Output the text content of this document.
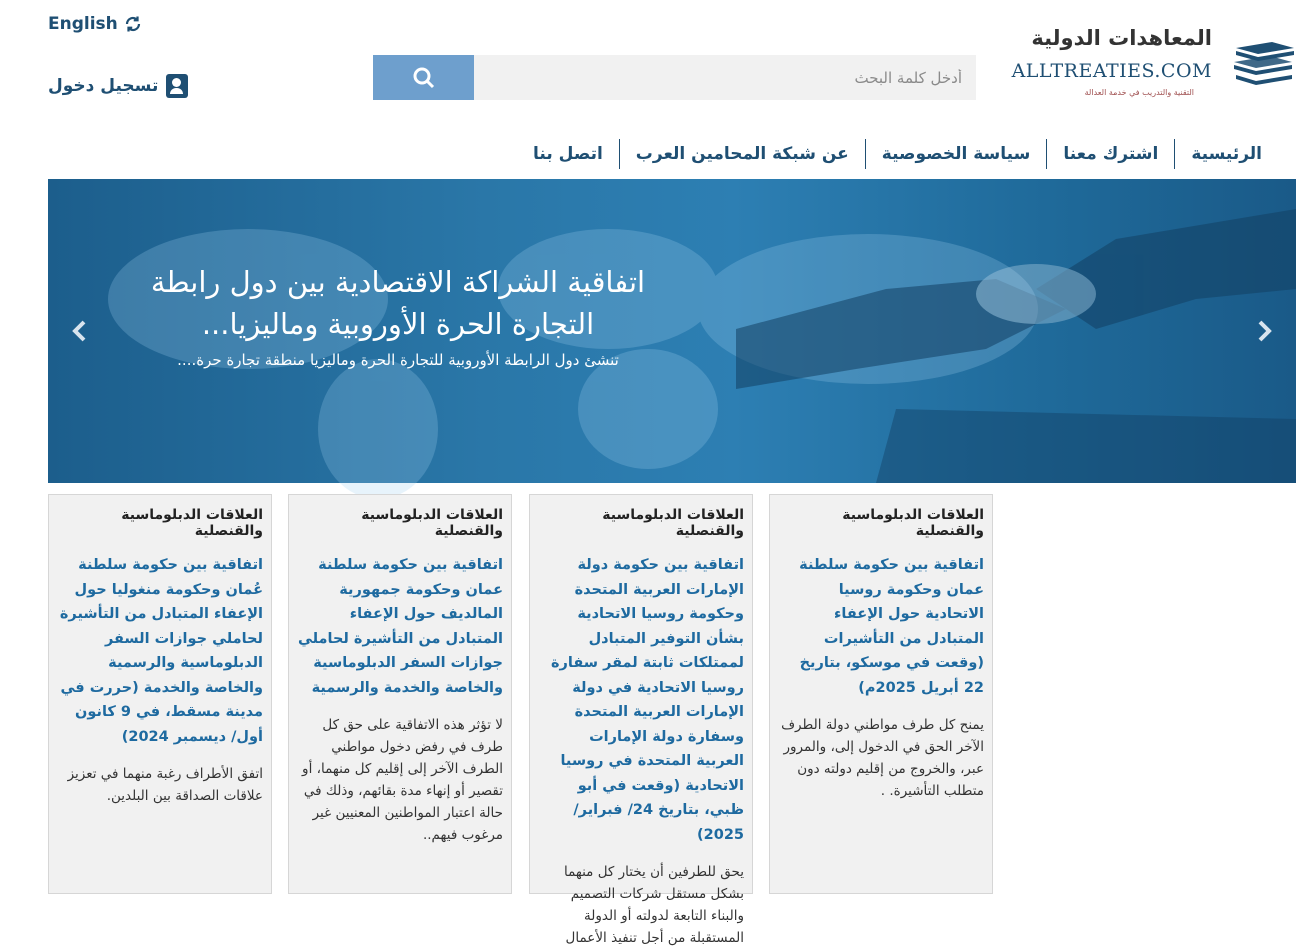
English
تسجيل دخول
أدخل كلمة البحث
المعاهدات الدولية
ALLTREATIES.COM
التقنية والتدريب في خدمة العدالة
الرئيسية
اشترك معنا
سياسة الخصوصية
عن شبكة المحامين العرب
اتصل بنا
اتفاقية الشراكة الاقتصادية بين دول رابطة التجارة الحرة الأوروبية وماليزيا...
تنشئ دول الرابطة الأوروبية للتجارة الحرة وماليزيا منطقة تجارة حرة....
العلاقات الدبلوماسية والقنصلية
اتفاقية بين حكومة سلطنة عمان وحكومة روسيا الاتحادية حول الإعفاء المتبادل من التأشيرات (وقعت في موسكو، بتاريخ 22 أبريل 2025م)
يمنح كل طرف مواطني دولة الطرف الآخر الحق في الدخول إلى، والمرور عبر، والخروج من إقليم دولته دون متطلب التأشيرة. .
العلاقات الدبلوماسية والقنصلية
اتفاقية بين حكومة دولة الإمارات العربية المتحدة وحكومة روسيا الاتحادية بشأن التوفير المتبادل لممتلكات ثابتة لمقر سفارة روسيا الاتحادية في دولة الإمارات العربية المتحدة وسفارة دولة الإمارات العربية المتحدة في روسيا الاتحادية (وقعت في أبو ظبي، بتاريخ 24/ فبراير/ 2025)
يحق للطرفين أن يختار كل منهما بشكل مستقل شركات التصميم والبناء التابعة لدولته أو الدولة المستقبلة من أجل تنفيذ الأعمال
العلاقات الدبلوماسية والقنصلية
اتفاقية بين حكومة سلطنة عمان وحكومة جمهورية المالديف حول الإعفاء المتبادل من التأشيرة لحاملي جوازات السفر الدبلوماسية والخاصة والخدمة والرسمية
لا تؤثر هذه الاتفاقية على حق كل طرف في رفض دخول مواطني الطرف الآخر إلى إقليم كل منهما، أو تقصير أو إنهاء مدة بقائهم، وذلك في حالة اعتبار المواطنين المعنيين غير مرغوب فيهم..
العلاقات الدبلوماسية والقنصلية
اتفاقية بين حكومة سلطنة عُمان وحكومة منغوليا حول الإعفاء المتبادل من التأشيرة لحاملي جوازات السفر الدبلوماسية والرسمية والخاصة والخدمة (حررت في مدينة مسقط، في 9 كانون أول/ ديسمبر 2024)
اتفق الأطراف رغبة منهما في تعزيز علاقات الصداقة بين البلدين.
